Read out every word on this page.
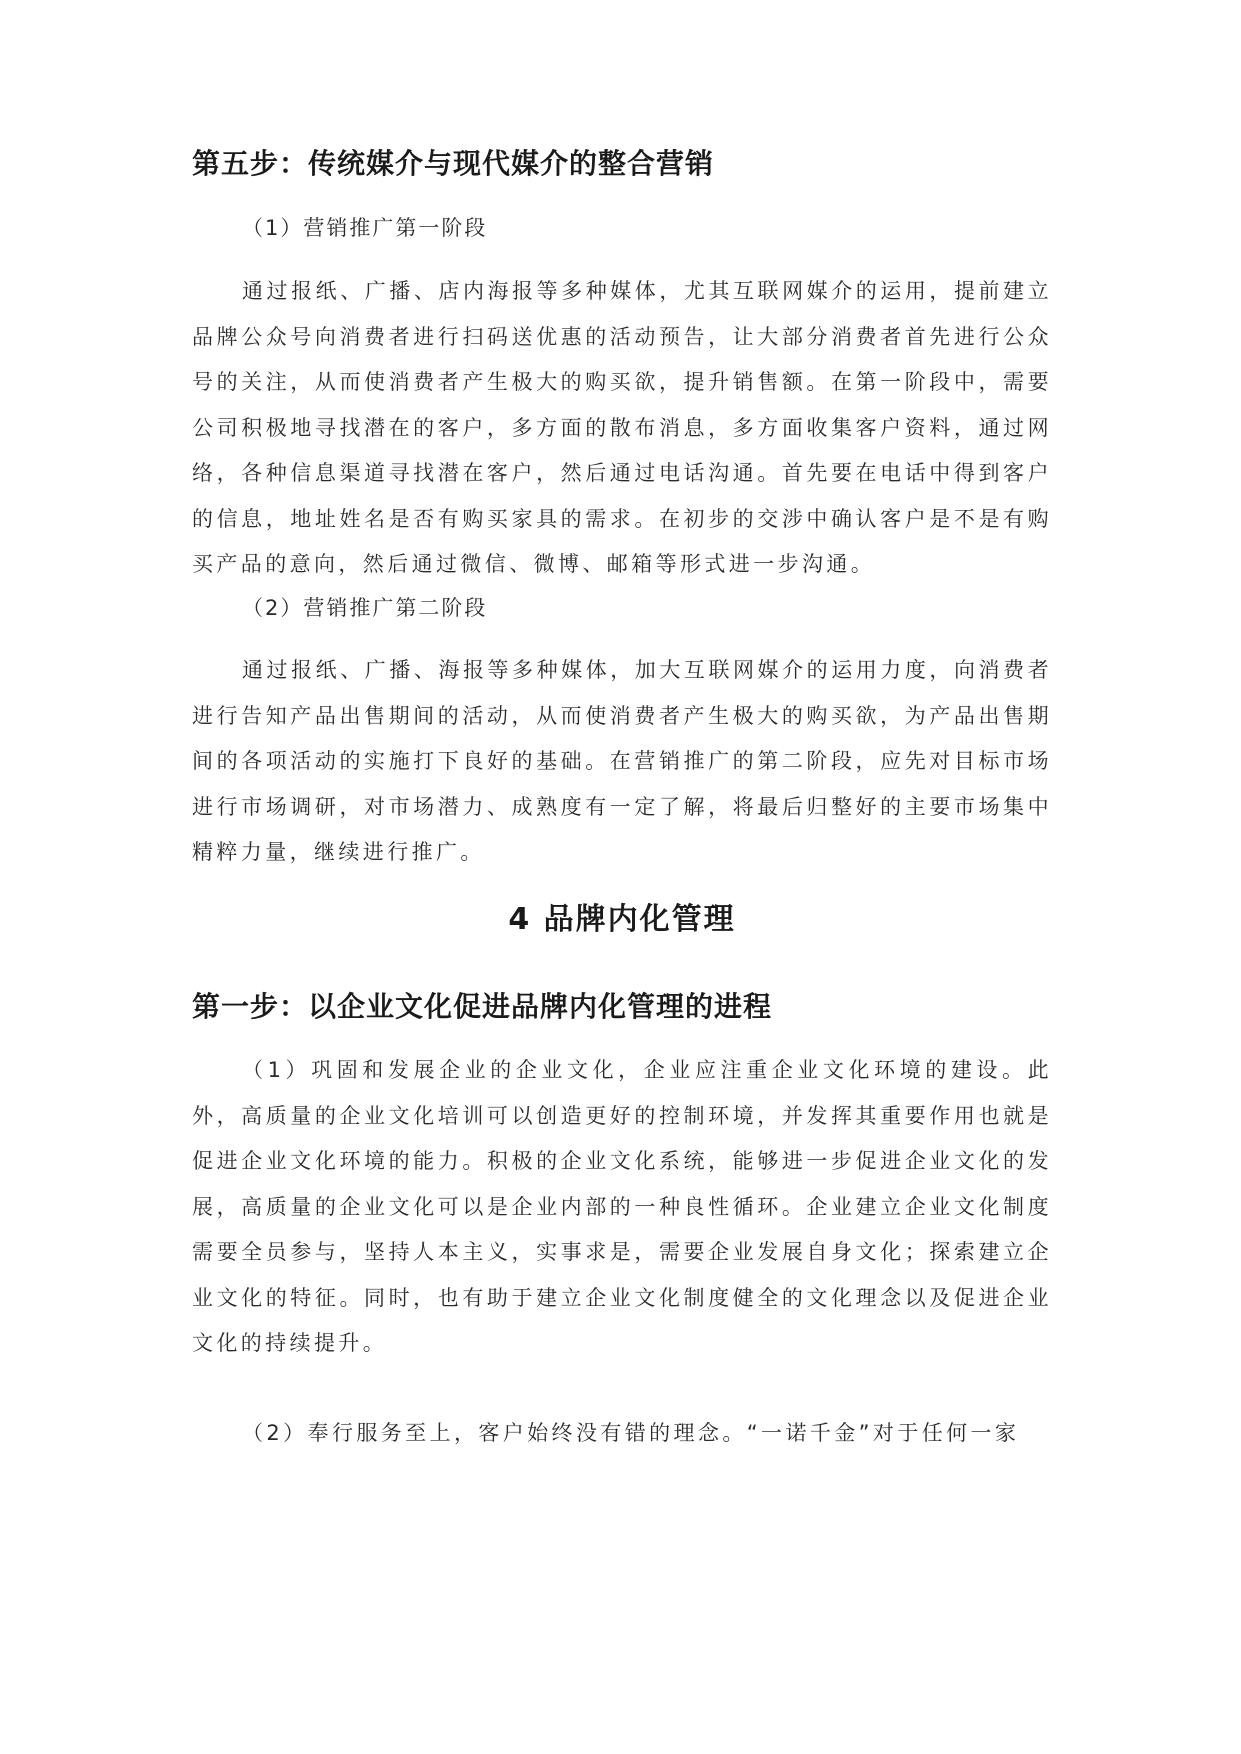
第五步：传统媒介与现代媒介的整合营销
（1）营销推广第一阶段
通过报纸、广播、店内海报等多种媒体，尤其互联网媒介的运用，提前建立品牌公众号向消费者进行扫码送优惠的活动预告，让大部分消费者首先进行公众号的关注，从而使消费者产生极大的购买欲，提升销售额。在第一阶段中，需要公司积极地寻找潜在的客户，多方面的散布消息，多方面收集客户资料，通过网络，各种信息渠道寻找潜在客户，然后通过电话沟通。首先要在电话中得到客户的信息，地址姓名是否有购买家具的需求。在初步的交涉中确认客户是不是有购买产品的意向，然后通过微信、微博、邮箱等形式进一步沟通。
（2）营销推广第二阶段
通过报纸、广播、海报等多种媒体，加大互联网媒介的运用力度，向消费者进行告知产品出售期间的活动，从而使消费者产生极大的购买欲，为产品出售期间的各项活动的实施打下良好的基础。在营销推广的第二阶段，应先对目标市场进行市场调研，对市场潜力、成熟度有一定了解，将最后归整好的主要市场集中精粹力量，继续进行推广。
4 品牌内化管理
第一步：以企业文化促进品牌内化管理的进程
（1）巩固和发展企业的企业文化，企业应注重企业文化环境的建设。此外，高质量的企业文化培训可以创造更好的控制环境，并发挥其重要作用也就是促进企业文化环境的能力。积极的企业文化系统，能够进一步促进企业文化的发展，高质量的企业文化可以是企业内部的一种良性循环。企业建立企业文化制度需要全员参与，坚持人本主义，实事求是，需要企业发展自身文化；探索建立企业文化的特征。同时，也有助于建立企业文化制度健全的文化理念以及促进企业文化的持续提升。
（2）奉行服务至上，客户始终没有错的理念。“一诺千金”对于任何一家
